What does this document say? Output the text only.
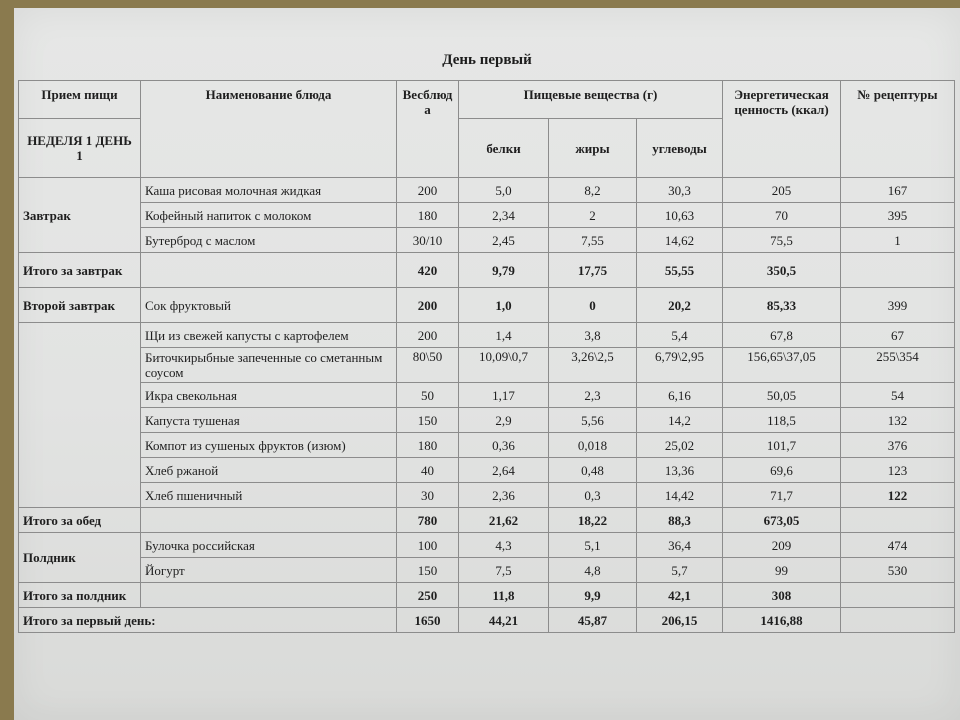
День первый
Прием пищи	Наименование блюда	Весблюда	Пищевые вещества (г)			Энергетическая ценность (ккал)	№ рецептуры
НЕДЕЛЯ 1 ДЕНЬ 1			белки	жиры	углеводы		
Завтрак	Каша рисовая молочная жидкая	200	5,0	8,2	30,3	205	167
	Кофейный напиток с молоком	180	2,34	2	10,63	70	395
	Бутерброд с маслом	30/10	2,45	7,55	14,62	75,5	1
Итого за завтрак		420	9,79	17,75	55,55	350,5	
Второй завтрак	Сок фруктовый	200	1,0	0	20,2	85,33	399
	Щи из свежей капусты с картофелем	200	1,4	3,8	5,4	67,8	67
	Биточкирыбные запеченные со сметанным соусом	80\50	10,09\0,7	3,26\2,5	6,79\2,95	156,65\37,05	255\354
	Икра свекольная	50	1,17	2,3	6,16	50,05	54
	Капуста тушеная	150	2,9	5,56	14,2	118,5	132
	Компот из сушеных фруктов (изюм)	180	0,36	0,018	25,02	101,7	376
	Хлеб ржаной	40	2,64	0,48	13,36	69,6	123
	Хлеб пшеничный	30	2,36	0,3	14,42	71,7	122
Итого за обед		780	21,62	18,22	88,3	673,05	
Полдник	Булочка российская	100	4,3	5,1	36,4	209	474
	Йогурт	150	7,5	4,8	5,7	99	530
Итого за полдник		250	11,8	9,9	42,1	308	
Итого за первый день:		1650	44,21	45,87	206,15	1416,88	
